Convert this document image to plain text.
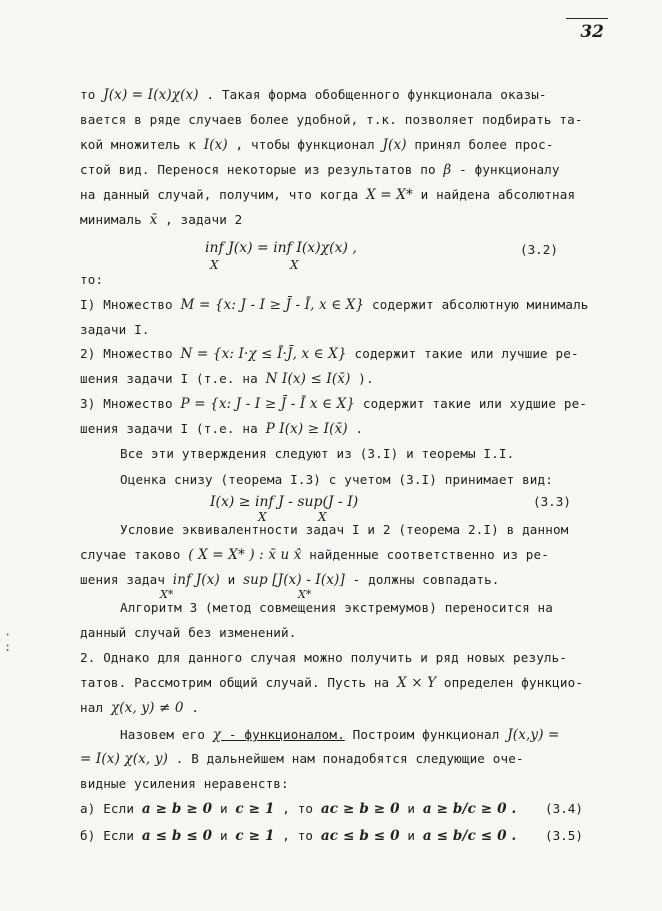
32
то J(x) = I(x)χ(x) . Такая форма обобщенного функционала оказы-
вается в ряде случаев более удобной, т.к. позволяет подбирать та-
кой множитель к I(x) , чтобы функционал J(x) принял более прос-
стой вид. Перенося некоторые из результатов по β - функционалу
на данный случай, получим, что когда X = X* и найдена абсолютная
минималь x̄ , задачи 2
inf J(x) = inf I(x)χ(x) ,
X	X
(3.2)
то:
I) Множество M = {x: J - I ≥ J̄ - Ī, x ∈ X} содержит абсолютную минималь
задачи I.
2) Множество N = {x: I·χ ≤ Ī·J̄, x ∈ X} содержит такие или лучшие ре-
шения задачи I (т.е. на N I(x) ≤ I(x̄) ).
3) Множество P = {x: J - I ≥ J̄ - Ī x ∈ X} содержит такие или худшие ре-
шения задачи I (т.е. на P I(x) ≥ I(x̄) .
Все эти утверждения следуют из (3.I) и теоремы I.I.
Оценка снизу (теорема I.3) с учетом (3.I) принимает вид:
I(x) ≥ inf J - sup(J - I)
X	X
(3.3)
Условие эквивалентности задач I и 2 (теорема 2.I) в данном
случае таково ( X = X* ) : x̄ и x̂ найденные соответственно из ре-
шения задач inf J(x) и sup [J(x) - I(x)] - должны совпадать.
X*	X*
Алгоритм 3 (метод совмещения экстремумов) переносится на
данный случай без изменений.
2. Однако для данного случая можно получить и ряд новых резуль-
татов. Рассмотрим общий случай. Пусть на X × Y определен функцио-
нал χ(x, y) ≠ 0 .
Назовем его χ - функционалом. Построим функционал J(x,y) =
= I(x) χ(x, y) . В дальнейшем нам понадобятся следующие оче-
видные усиления неравенств:
а) Если a ≥ b ≥ 0 и c ≥ 1 , то ac ≥ b ≥ 0 и a ≥ b/c ≥ 0 . (3.4)
б) Если a ≤ b ≤ 0 и c ≥ 1 , то ac ≤ b ≤ 0 и a ≤ b/c ≤ 0 . (3.5)
·
:
